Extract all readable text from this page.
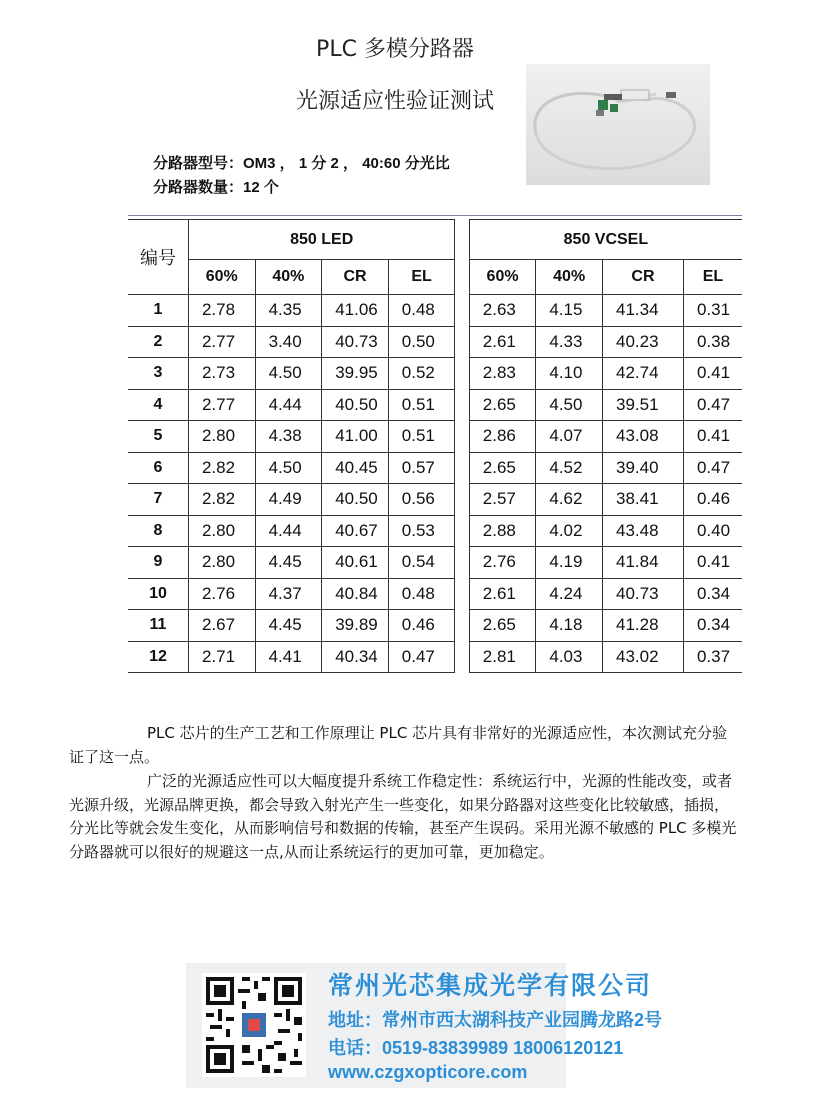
PLC 多模分路器
光源适应性验证测试
分路器型号：OM3 ， 1 分 2 ， 40:60 分光比
分路器数量：12 个
编号	850 LED					850 VCSEL			
	60%	40%	CR	EL		60%	40%	CR	EL
1	2.78	4.35	41.06	0.48		2.63	4.15	41.34	0.31
2	2.77	3.40	40.73	0.50		2.61	4.33	40.23	0.38
3	2.73	4.50	39.95	0.52		2.83	4.10	42.74	0.41
4	2.77	4.44	40.50	0.51		2.65	4.50	39.51	0.47
5	2.80	4.38	41.00	0.51		2.86	4.07	43.08	0.41
6	2.82	4.50	40.45	0.57		2.65	4.52	39.40	0.47
7	2.82	4.49	40.50	0.56		2.57	4.62	38.41	0.46
8	2.80	4.44	40.67	0.53		2.88	4.02	43.48	0.40
9	2.80	4.45	40.61	0.54		2.76	4.19	41.84	0.41
10	2.76	4.37	40.84	0.48		2.61	4.24	40.73	0.34
11	2.67	4.45	39.89	0.46		2.65	4.18	41.28	0.34
12	2.71	4.41	40.34	0.47		2.81	4.03	43.02	0.37
PLC 芯片的生产工艺和工作原理让 PLC 芯片具有非常好的光源适应性，本次测试充分验证了这一点。
广泛的光源适应性可以大幅度提升系统工作稳定性：系统运行中，光源的性能改变，或者光源升级，光源品牌更换，都会导致入射光产生一些变化，如果分路器对这些变化比较敏感，插损，分光比等就会发生变化，从而影响信号和数据的传输，甚至产生误码。采用光源不敏感的 PLC 多模光分路器就可以很好的规避这一点,从而让系统运行的更加可靠，更加稳定。
常州光芯集成光学有限公司
地址：常州市西太湖科技产业园腾龙路2号
电话：0519-83839989 18006120121
www.czgxopticore.com
